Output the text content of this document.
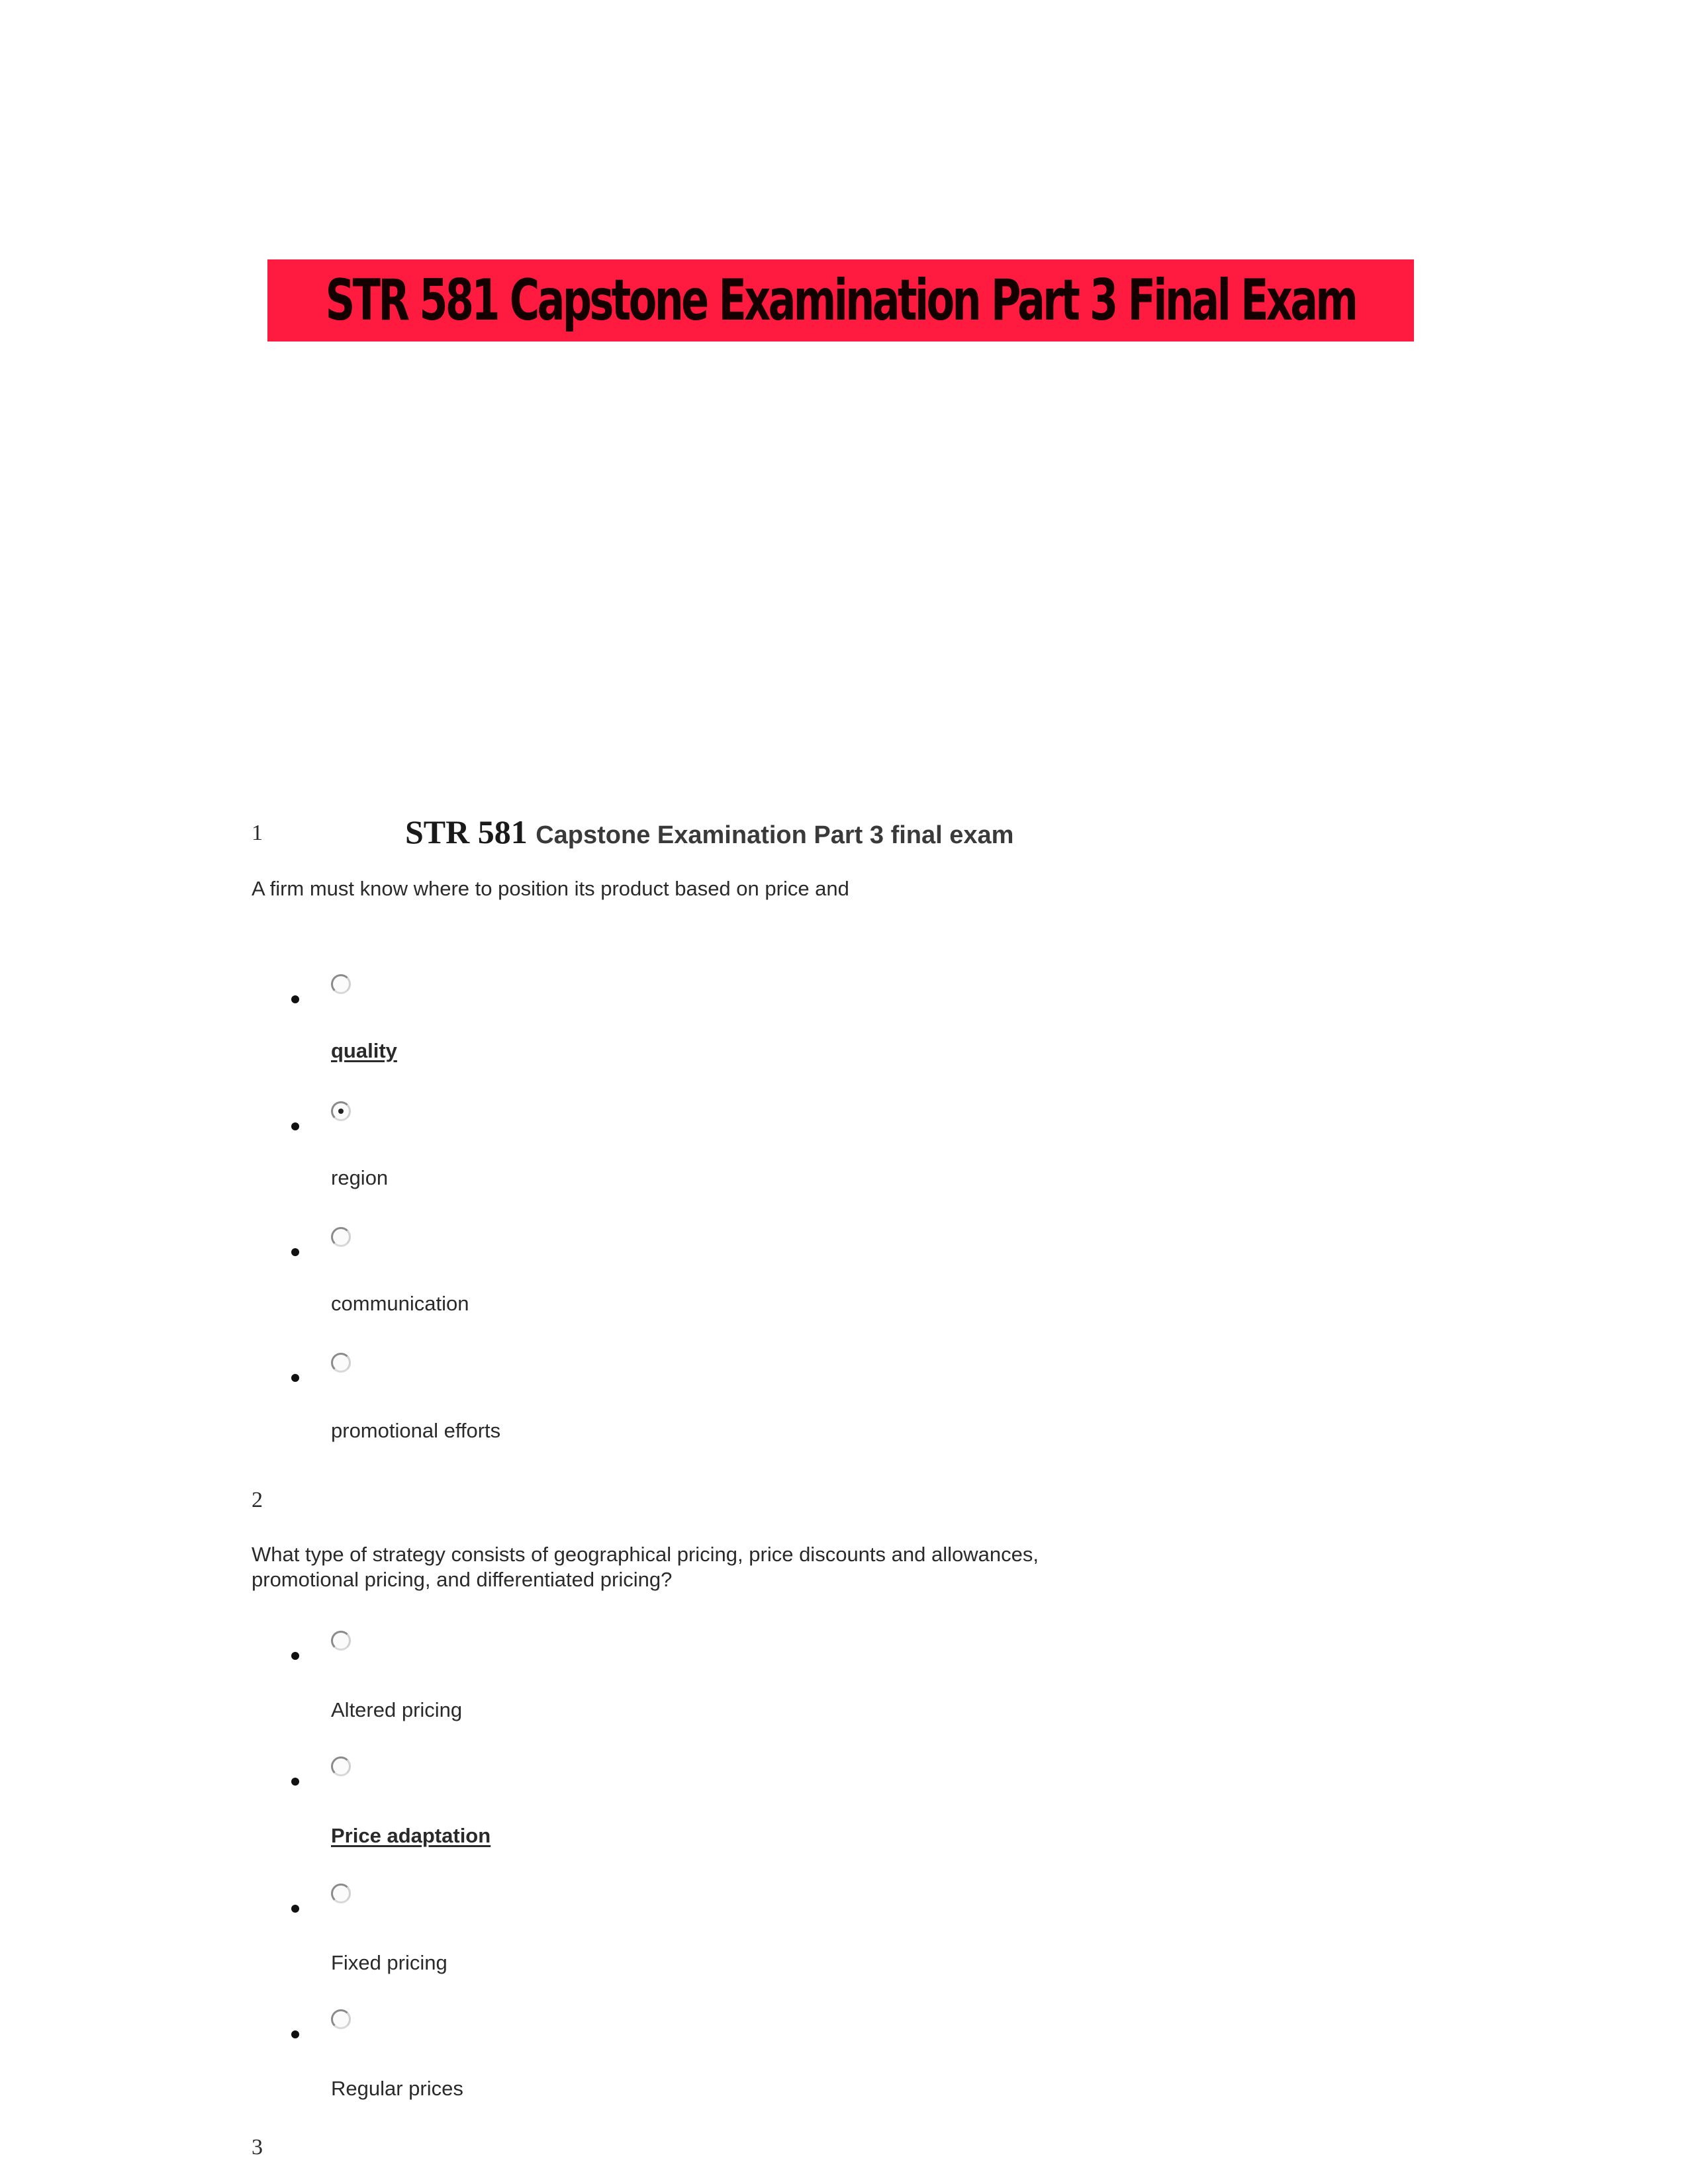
STR 581 Capstone Examination Part 3 Final Exam
STR 581 Capstone Examination Part 3 final exam
1
A firm must know where to position its product based on price and
quality
region
communication
promotional efforts
2
What type of strategy consists of geographical pricing, price discounts and allowances,
promotional pricing, and differentiated pricing?
Altered pricing
Price adaptation
Fixed pricing
Regular prices
3
